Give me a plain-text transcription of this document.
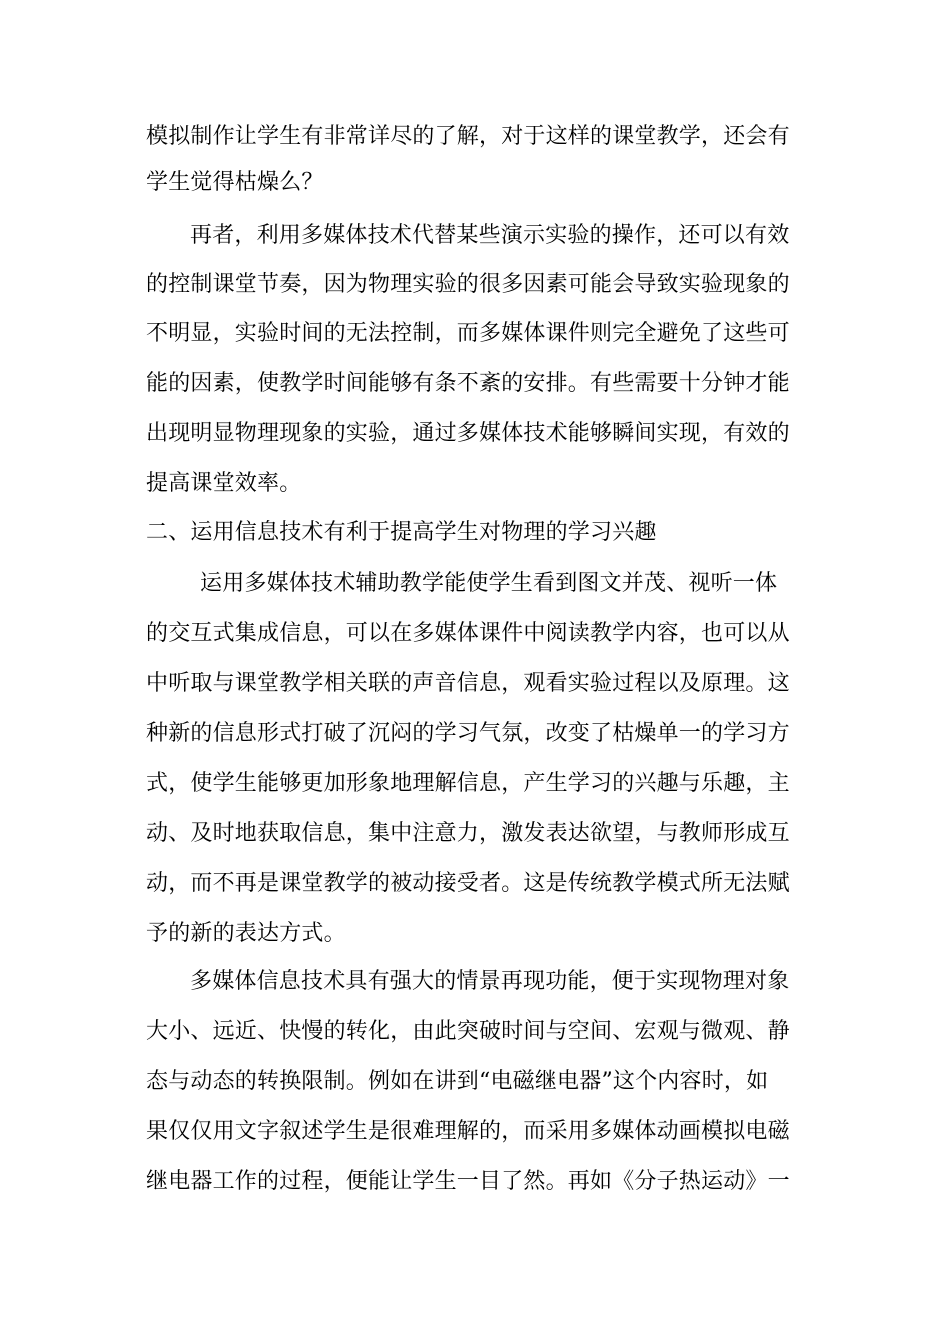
模拟制作让学生有非常详尽的了解，对于这样的课堂教学，还会有
学生觉得枯燥么？
再者，利用多媒体技术代替某些演示实验的操作，还可以有效
的控制课堂节奏，因为物理实验的很多因素可能会导致实验现象的
不明显，实验时间的无法控制，而多媒体课件则完全避免了这些可
能的因素，使教学时间能够有条不紊的安排。有些需要十分钟才能
出现明显物理现象的实验，通过多媒体技术能够瞬间实现，有效的
提高课堂效率。
二、运用信息技术有利于提高学生对物理的学习兴趣
运用多媒体技术辅助教学能使学生看到图文并茂、视听一体
的交互式集成信息，可以在多媒体课件中阅读教学内容，也可以从
中听取与课堂教学相关联的声音信息，观看实验过程以及原理。这
种新的信息形式打破了沉闷的学习气氛，改变了枯燥单一的学习方
式，使学生能够更加形象地理解信息，产生学习的兴趣与乐趣，主
动、及时地获取信息，集中注意力，激发表达欲望，与教师形成互
动，而不再是课堂教学的被动接受者。这是传统教学模式所无法赋
予的新的表达方式。
多媒体信息技术具有强大的情景再现功能，便于实现物理对象
大小、远近、快慢的转化，由此突破时间与空间、宏观与微观、静
态与动态的转换限制。例如在讲到“电磁继电器”这个内容时，如
果仅仅用文字叙述学生是很难理解的，而采用多媒体动画模拟电磁
继电器工作的过程，便能让学生一目了然。再如《分子热运动》一
